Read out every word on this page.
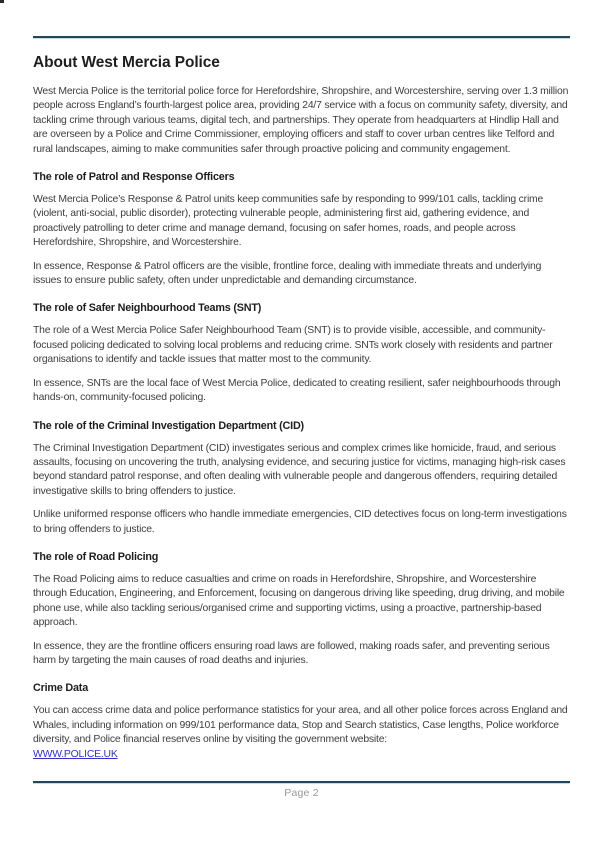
About West Mercia Police

West Mercia Police is the territorial police force for Herefordshire, Shropshire, and Worcestershire, serving over 1.3 million people across England’s fourth-largest police area, providing 24/7 service with a focus on community safety, diversity, and tackling crime through various teams, digital tech, and partnerships. They operate from headquarters at Hindlip Hall and are overseen by a Police and Crime Commissioner, employing officers and staff to cover urban centres like Telford and rural landscapes, aiming to make communities safer through proactive policing and community engagement.

The role of Patrol and Response Officers

West Mercia Police’s Response & Patrol units keep communities safe by responding to 999/101 calls, tackling crime (violent, anti-social, public disorder), protecting vulnerable people, administering first aid, gathering evidence, and proactively patrolling to deter crime and manage demand, focusing on safer homes, roads, and people across Herefordshire, Shropshire, and Worcestershire.

In essence, Response & Patrol officers are the visible, frontline force, dealing with immediate threats and underlying issues to ensure public safety, often under unpredictable and demanding circumstance.

The role of Safer Neighbourhood Teams (SNT)

The role of a West Mercia Police Safer Neighbourhood Team (SNT) is to provide visible, accessible, and community-focused policing dedicated to solving local problems and reducing crime. SNTs work closely with residents and partner organisations to identify and tackle issues that matter most to the community.

In essence, SNTs are the local face of West Mercia Police, dedicated to creating resilient, safer neighbourhoods through hands-on, community-focused policing.

The role of the Criminal Investigation Department (CID)

The Criminal Investigation Department (CID) investigates serious and complex crimes like homicide, fraud, and serious assaults, focusing on uncovering the truth, analysing evidence, and securing justice for victims, managing high-risk cases beyond standard patrol response, and often dealing with vulnerable people and dangerous offenders, requiring detailed investigative skills to bring offenders to justice.

Unlike uniformed response officers who handle immediate emergencies, CID detectives focus on long-term investigations to bring offenders to justice.

The role of Road Policing

The Road Policing aims to reduce casualties and crime on roads in Herefordshire, Shropshire, and Worcestershire through Education, Engineering, and Enforcement, focusing on dangerous driving like speeding, drug driving, and mobile phone use, while also tackling serious/organised crime and supporting victims, using a proactive, partnership-based approach.

In essence, they are the frontline officers ensuring road laws are followed, making roads safer, and preventing serious harm by targeting the main causes of road deaths and injuries.

Crime Data

You can access crime data and police performance statistics for your area, and all other police forces across England and Whales, including information on 999/101 performance data, Stop and Search statistics, Case lengths, Police workforce diversity, and Police financial reserves online by visiting the government website:
WWW.POLICE.UK

Page 2
